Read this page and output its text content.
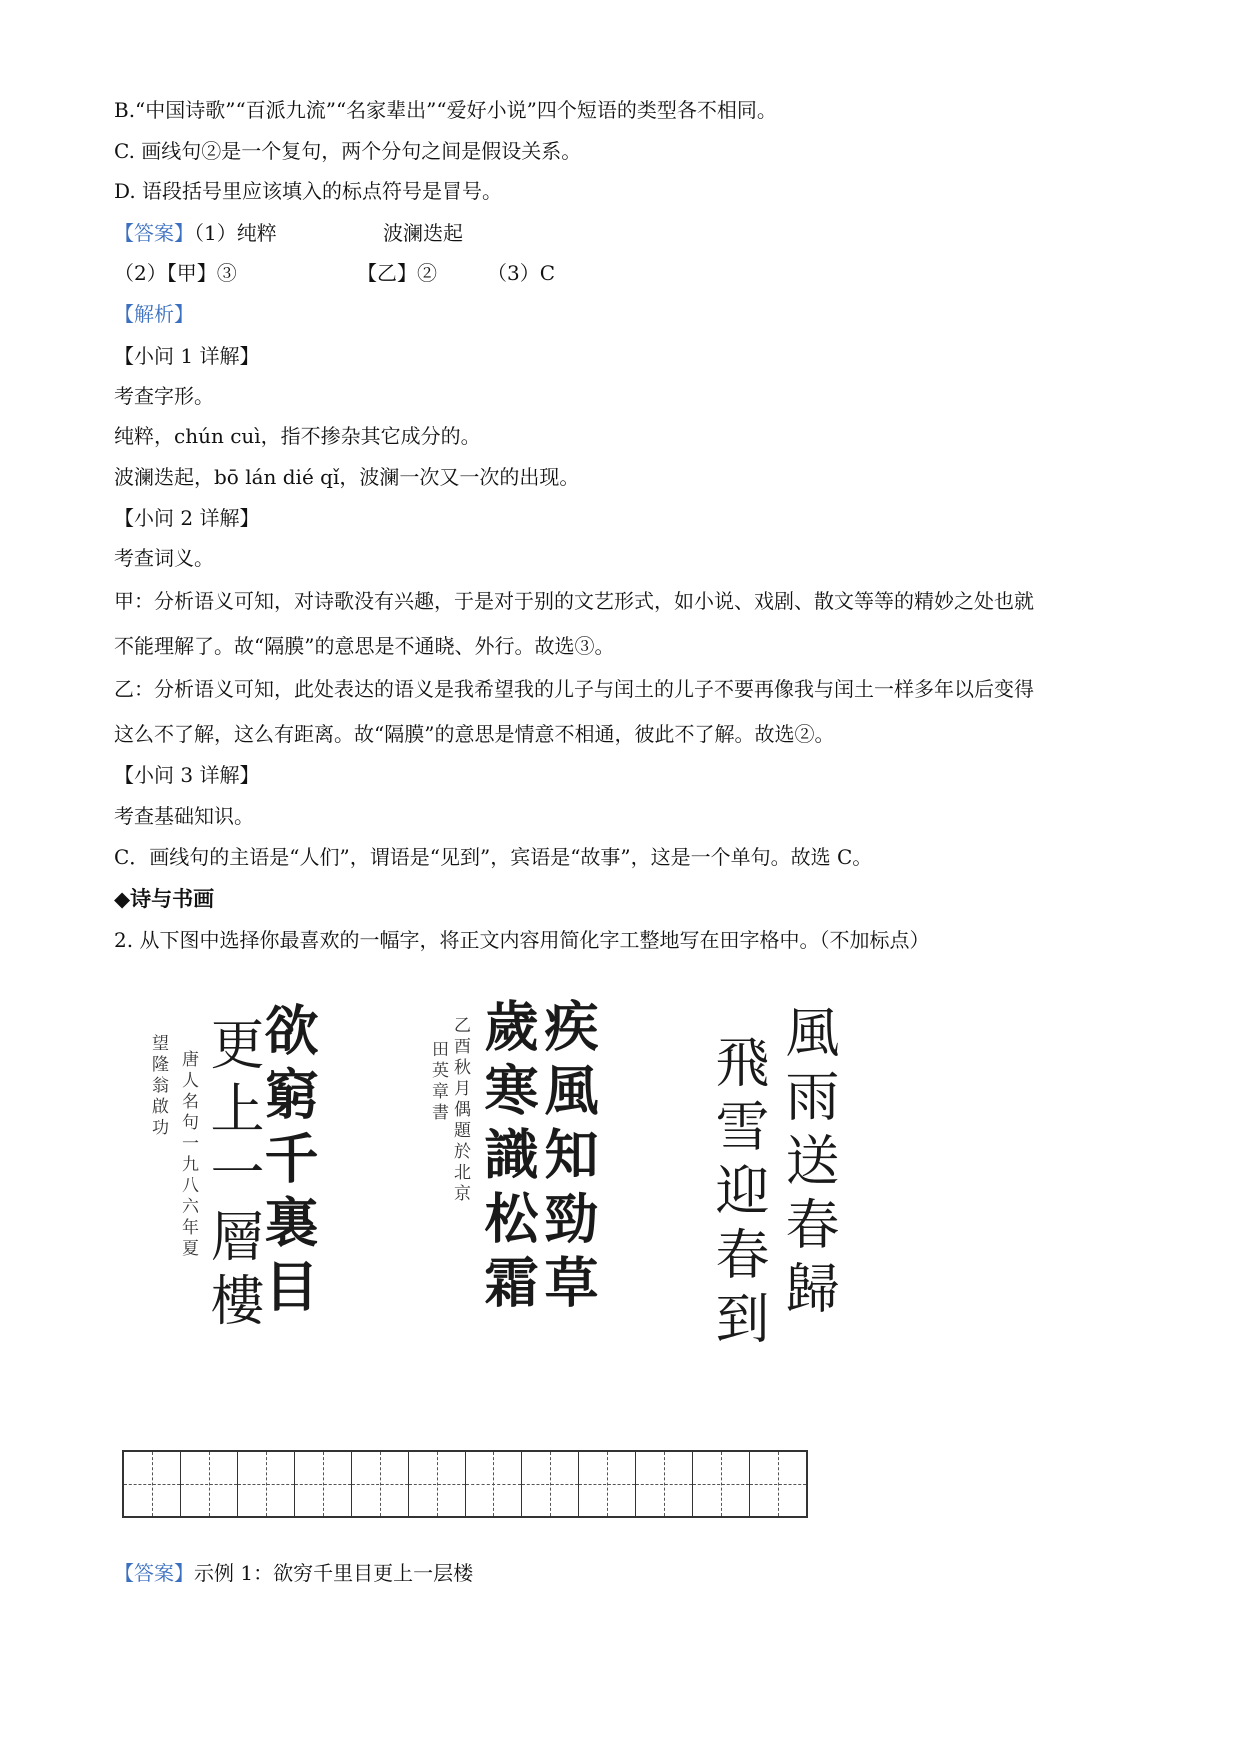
B.“中国诗歌”“百派九流”“名家辈出”“爱好小说”四个短语的类型各不相同。
C. 画线句②是一个复句，两个分句之间是假设关系。
D. 语段括号里应该填入的标点符号是冒号。
【答案】（1）纯粹	波澜迭起
（2）【甲】③	【乙】②	（3）C
【解析】
【小问 1 详解】
考查字形。
纯粹，chún cuì，指不掺杂其它成分的。
波澜迭起，bō lán dié qǐ，波澜一次又一次的出现。
【小问 2 详解】
考查词义。
甲：分析语义可知，对诗歌没有兴趣，于是对于别的文艺形式，如小说、戏剧、散文等等的精妙之处也就
不能理解了。故“隔膜”的意思是不通晓、外行。故选③。
乙：分析语义可知，此处表达的语义是我希望我的儿子与闰土的儿子不要再像我与闰土一样多年以后变得
这么不了解，这么有距离。故“隔膜”的意思是情意不相通，彼此不了解。故选②。
【小问 3 详解】
考查基础知识。
C．画线句的主语是“人们”，谓语是“见到”，宾语是“故事”，这是一个单句。故选 C。
◆诗与书画
2. 从下图中选择你最喜欢的一幅字，将正文内容用简化字工整地写在田字格中。（不加标点）
欲窮千裏目
更上一層樓
唐人名句一九八六年夏
望隆翁啟功	疾風知勁草
歲寒識松霜
乙酉秋月偶題於北京
田英章書	風雨送春歸
飛雪迎春到
【答案】示例 1：欲穷千里目更上一层楼
